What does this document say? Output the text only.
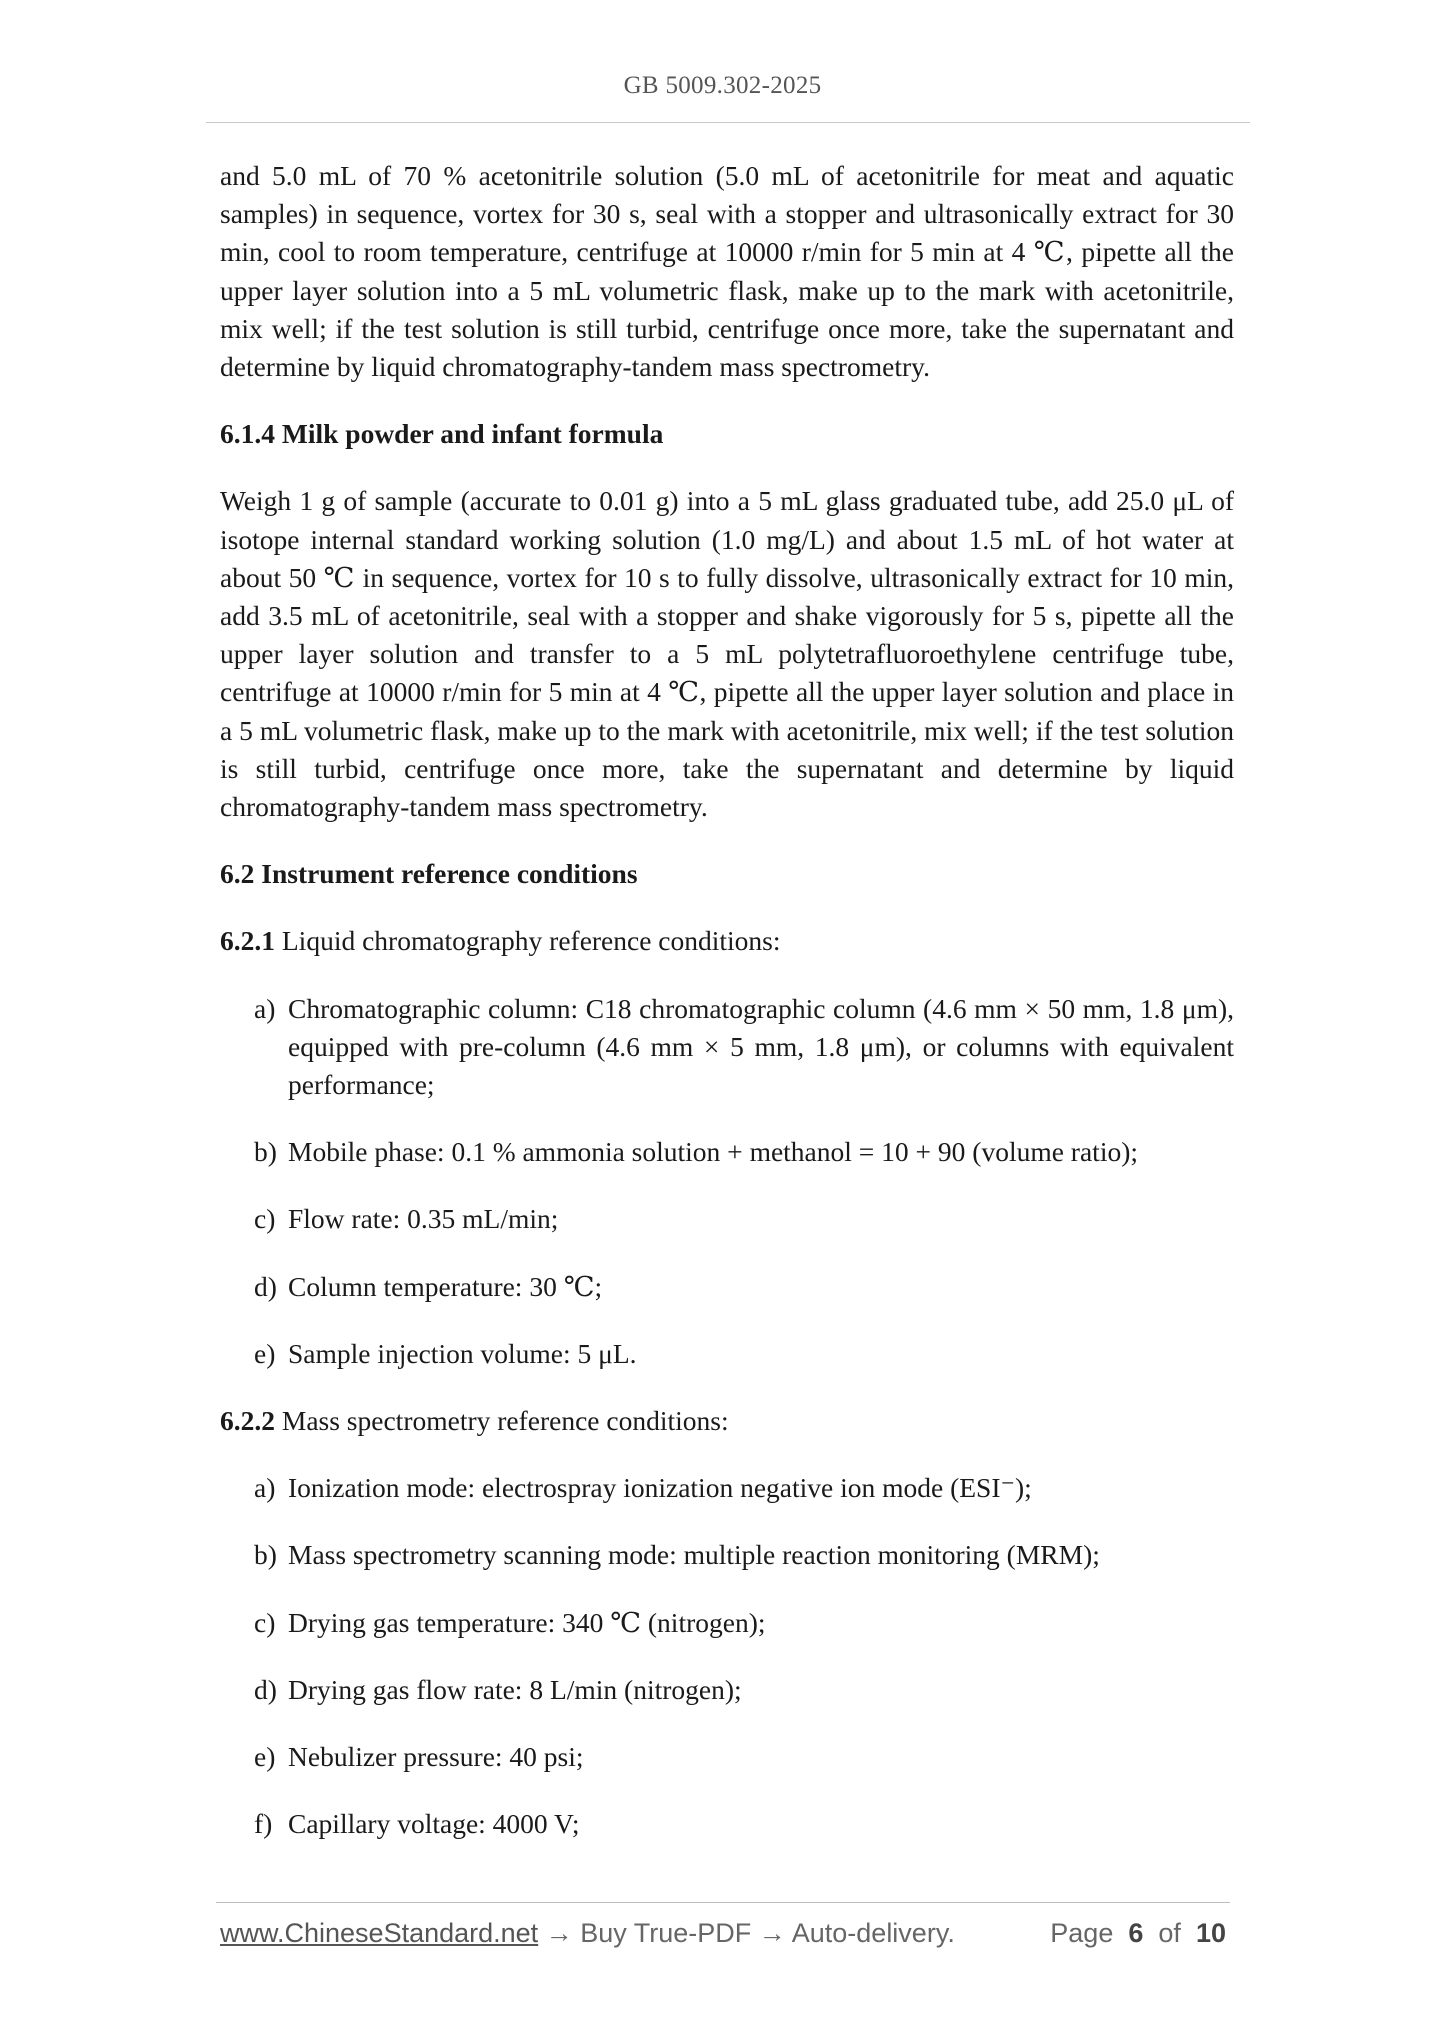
GB 5009.302-2025

and 5.0 mL of 70 % acetonitrile solution (5.0 mL of acetonitrile for meat and aquatic samples) in sequence, vortex for 30 s, seal with a stopper and ultrasonically extract for 30 min, cool to room temperature, centrifuge at 10000 r/min for 5 min at 4 ℃, pipette all the upper layer solution into a 5 mL volumetric flask, make up to the mark with acetonitrile, mix well; if the test solution is still turbid, centrifuge once more, take the supernatant and determine by liquid chromatography-tandem mass spectrometry.

6.1.4 Milk powder and infant formula

Weigh 1 g of sample (accurate to 0.01 g) into a 5 mL glass graduated tube, add 25.0 μL of isotope internal standard working solution (1.0 mg/L) and about 1.5 mL of hot water at about 50 ℃ in sequence, vortex for 10 s to fully dissolve, ultrasonically extract for 10 min, add 3.5 mL of acetonitrile, seal with a stopper and shake vigorously for 5 s, pipette all the upper layer solution and transfer to a 5 mL polytetrafluoroethylene centrifuge tube, centrifuge at 10000 r/min for 5 min at 4 ℃, pipette all the upper layer solution and place in a 5 mL volumetric flask, make up to the mark with acetonitrile, mix well; if the test solution is still turbid, centrifuge once more, take the supernatant and determine by liquid chromatography-tandem mass spectrometry.

6.2 Instrument reference conditions
6.2.1 Liquid chromatography reference conditions:
a) Chromatographic column: C18 chromatographic column (4.6 mm × 50 mm, 1.8 μm), equipped with pre-column (4.6 mm × 5 mm, 1.8 μm), or columns with equivalent performance;
b) Mobile phase: 0.1 % ammonia solution + methanol = 10 + 90 (volume ratio);
c) Flow rate: 0.35 mL/min;
d) Column temperature: 30 ℃;
e) Sample injection volume: 5 μL.
6.2.2 Mass spectrometry reference conditions:
a) Ionization mode: electrospray ionization negative ion mode (ESI⁻);
b) Mass spectrometry scanning mode: multiple reaction monitoring (MRM);
c) Drying gas temperature: 340 ℃ (nitrogen);
d) Drying gas flow rate: 8 L/min (nitrogen);
e) Nebulizer pressure: 40 psi;
f) Capillary voltage: 4000 V;
www.ChineseStandard.net → Buy True-PDF → Auto-delivery.	Page 6 of 10
